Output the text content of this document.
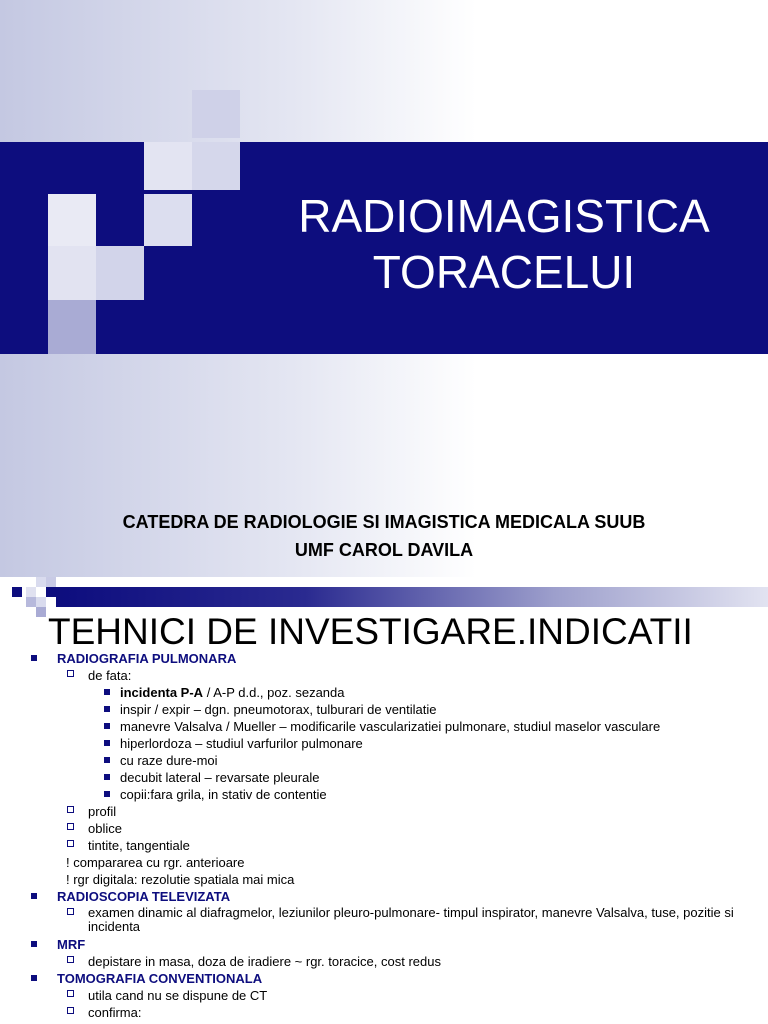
RADIOIMAGISTICA
TORACELUI
CATEDRA DE RADIOLOGIE SI IMAGISTICA MEDICALA SUUB
UMF CAROL DAVILA
TEHNICI DE INVESTIGARE.INDICATII
RADIOGRAFIA PULMONARA
de fata:
incidenta P-A / A-P d.d., poz. sezanda
inspir / expir – dgn. pneumotorax, tulburari de ventilatie
manevre Valsalva / Mueller – modificarile vascularizatiei pulmonare, studiul maselor vasculare
hiperlordoza – studiul varfurilor pulmonare
cu raze dure-moi
decubit lateral – revarsate pleurale
copii:fara grila, in stativ de contentie
profil
oblice
tintite, tangentiale
! compararea cu rgr. anterioare
! rgr digitala: rezolutie spatiala mai mica
RADIOSCOPIA TELEVIZATA
examen dinamic al diafragmelor, leziunilor pleuro-pulmonare- timpul inspirator, manevre Valsalva, tuse, pozitie si incidenta
MRF
depistare in masa, doza de iradiere ~ rgr. toracice, cost redus
TOMOGRAFIA CONVENTIONALA
utila cand nu se dispune de CT
confirma:
